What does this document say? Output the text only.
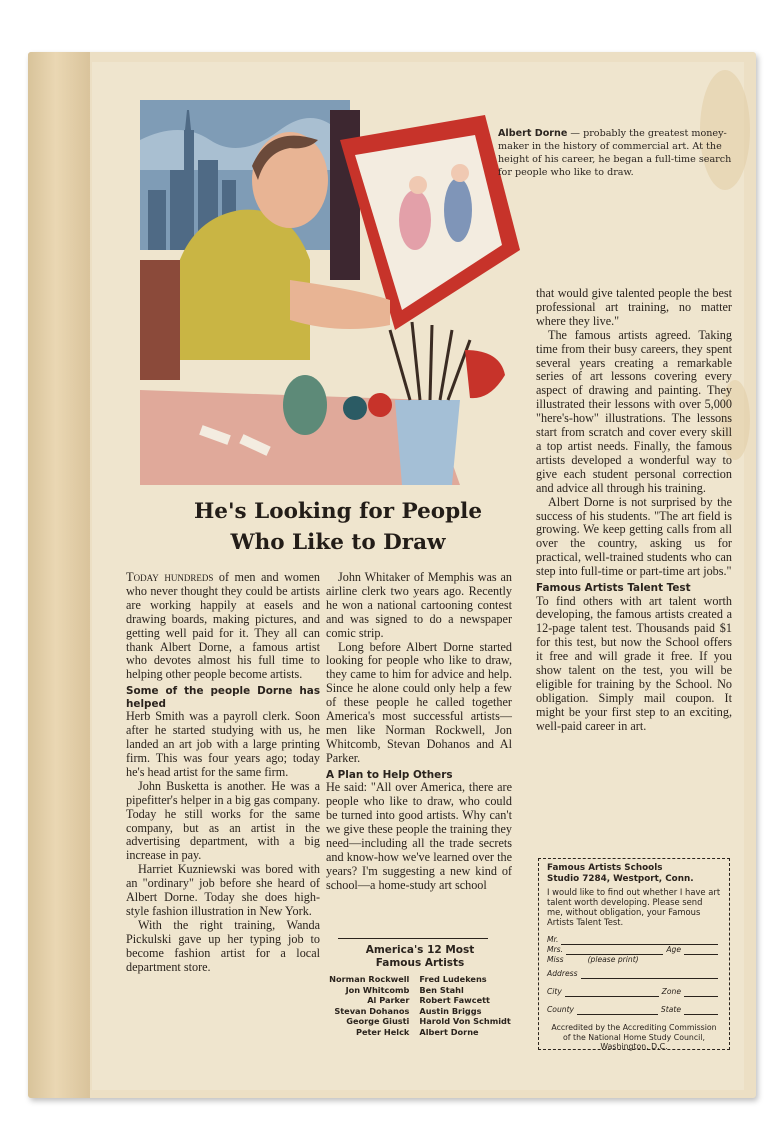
Albert Dorne — probably the greatest money-maker in the history of commercial art. At the height of his career, he began a full-time search for people who like to draw.
He's Looking for People
Who Like to Draw

Today hundreds of men and women who never thought they could be artists are working happily at easels and drawing boards, making pictures, and getting well paid for it. They all can thank Albert Dorne, a famous artist who devotes almost his full time to helping other people become artists.

Some of the people Dorne has helped

Herb Smith was a payroll clerk. Soon after he started studying with us, he landed an art job with a large printing firm. This was four years ago; today he's head artist for the same firm.

John Busketta is another. He was a pipefitter's helper in a big gas company. Today he still works for the same company, but as an artist in the advertising department, with a big increase in pay.

Harriet Kuzniewski was bored with an "ordinary" job before she heard of Albert Dorne. Today she does high-style fashion illustration in New York.

With the right training, Wanda Pickulski gave up her typing job to become fashion artist for a local department store.

John Whitaker of Memphis was an airline clerk two years ago. Recently he won a national cartooning contest and was signed to do a newspaper comic strip.

Long before Albert Dorne started looking for people who like to draw, they came to him for advice and help. Since he alone could only help a few of these people he called together America's most successful artists—men like Norman Rockwell, Jon Whitcomb, Stevan Dohanos and Al Parker.

A Plan to Help Others

He said: "All over America, there are people who like to draw, who could be turned into good artists. Why can't we give these people the training they need—including all the trade secrets and know-how we've learned over the years? I'm suggesting a new kind of school—a home-study art school

America's 12 Most
Famous Artists
Norman Rockwell
Jon Whitcomb
Al Parker
Stevan Dohanos
George Giusti
Peter Helck
Fred Ludekens
Ben Stahl
Robert Fawcett
Austin Briggs
Harold Von Schmidt
Albert Dorne

that would give talented people the best professional art training, no matter where they live."

The famous artists agreed. Taking time from their busy careers, they spent several years creating a remarkable series of art lessons covering every aspect of drawing and painting. They illustrated their lessons with over 5,000 "here's-how" illustrations. The lessons start from scratch and cover every skill a top artist needs. Finally, the famous artists developed a wonderful way to give each student personal correction and advice all through his training.

Albert Dorne is not surprised by the success of his students. "The art field is growing. We keep getting calls from all over the country, asking us for practical, well-trained students who can step into full-time or part-time art jobs."

Famous Artists Talent Test

To find others with art talent worth developing, the famous artists created a 12-page talent test. Thousands paid $1 for this test, but now the School offers it free and will grade it free. If you show talent on the test, you will be eligible for training by the School. No obligation. Simply mail coupon. It might be your first step to an exciting, well-paid career in art.

Famous Artists Schools
Studio 7284, Westport, Conn.
I would like to find out whether I have art talent worth developing. Please send me, without obligation, your Famous Artists Talent Test.
Mr.
Mrs.	Age
Miss	(please print)
Address
City	Zone
County	State
Accredited by the Accrediting Commission of the National Home Study Council, Washington, D.C.
